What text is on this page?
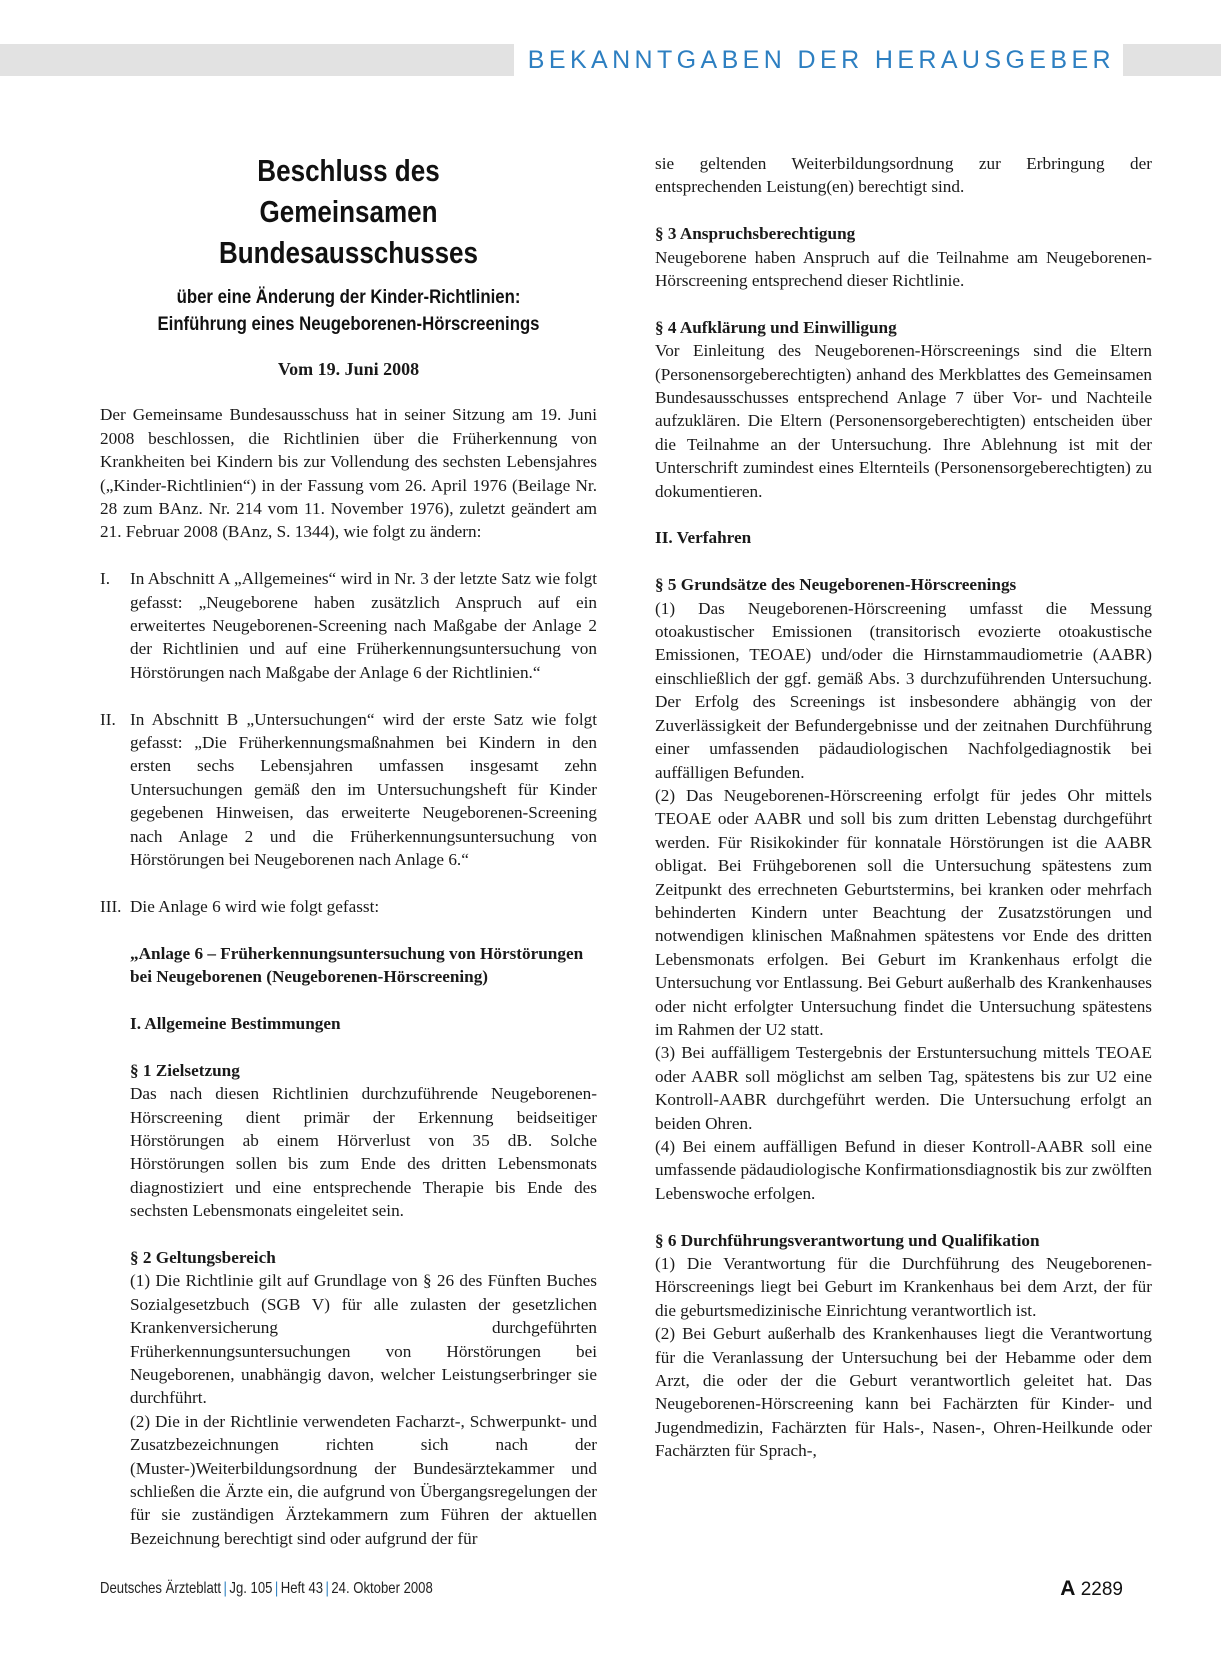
BEKANNTGABEN DER HERAUSGEBER
Beschluss des
Gemeinsamen Bundesausschusses
über eine Änderung der Kinder-Richtlinien:
Einführung eines Neugeborenen-Hörscreenings
Vom 19. Juni 2008

Der Gemeinsame Bundesausschuss hat in seiner Sitzung am 19. Juni 2008 beschlossen, die Richtlinien über die Früherkennung von Krankheiten bei Kindern bis zur Vollendung des sechsten Lebensjahres („Kinder-Richtlinien“) in der Fassung vom 26. April 1976 (Beilage Nr. 28 zum BAnz. Nr. 214 vom 11. November 1976), zuletzt geändert am 21. Februar 2008 (BAnz, S. 1344), wie folgt zu ändern:

I. In Abschnitt A „Allgemeines“ wird in Nr. 3 der letzte Satz wie folgt gefasst: „Neugeborene haben zusätzlich Anspruch auf ein erweitertes Neugeborenen-Screening nach Maßgabe der Anlage 2 der Richtlinien und auf eine Früherkennungsuntersuchung von Hörstörungen nach Maßgabe der Anlage 6 der Richtlinien.“
II. In Abschnitt B „Untersuchungen“ wird der erste Satz wie folgt gefasst: „Die Früherkennungsmaßnahmen bei Kindern in den ersten sechs Lebensjahren umfassen insgesamt zehn Untersuchungen gemäß den im Untersuchungsheft für Kinder gegebenen Hinweisen, das erweiterte Neugeborenen-Screening nach Anlage 2 und die Früherkennungsuntersuchung von Hörstörungen bei Neugeborenen nach Anlage 6.“
III. Die Anlage 6 wird wie folgt gefasst:
„Anlage 6 – Früherkennungsuntersuchung von Hörstörungen bei Neugeborenen (Neugeborenen-Hörscreening)
I. Allgemeine Bestimmungen
§ 1 Zielsetzung

Das nach diesen Richtlinien durchzuführende Neugeborenen-Hörscreening dient primär der Erkennung beidseitiger Hörstörungen ab einem Hörverlust von 35 dB. Solche Hörstörungen sollen bis zum Ende des dritten Lebensmonats diagnostiziert und eine entsprechende Therapie bis Ende des sechsten Lebensmonats eingeleitet sein.

§ 2 Geltungsbereich

(1) Die Richtlinie gilt auf Grundlage von § 26 des Fünften Buches Sozialgesetzbuch (SGB V) für alle zulasten der gesetzlichen Krankenversicherung durchgeführten Früherkennungsuntersuchungen von Hörstörungen bei Neugeborenen, unabhängig davon, welcher Leistungserbringer sie durchführt.

(2) Die in der Richtlinie verwendeten Facharzt-, Schwerpunkt- und Zusatzbezeichnungen richten sich nach der (Muster-)Weiterbildungsordnung der Bundesärztekammer und schließen die Ärzte ein, die aufgrund von Übergangsregelungen der für sie zuständigen Ärztekammern zum Führen der aktuellen Bezeichnung berechtigt sind oder aufgrund der für

sie geltenden Weiterbildungsordnung zur Erbringung der entsprechenden Leistung(en) berechtigt sind.

§ 3 Anspruchsberechtigung

Neugeborene haben Anspruch auf die Teilnahme am Neugeborenen-Hörscreening entsprechend dieser Richtlinie.

§ 4 Aufklärung und Einwilligung

Vor Einleitung des Neugeborenen-Hörscreenings sind die Eltern (Personensorgeberechtigten) anhand des Merkblattes des Gemeinsamen Bundesausschusses entsprechend Anlage 7 über Vor- und Nachteile aufzuklären. Die Eltern (Personensorgeberechtigten) entscheiden über die Teilnahme an der Untersuchung. Ihre Ablehnung ist mit der Unterschrift zumindest eines Elternteils (Personensorgeberechtigten) zu dokumentieren.

II. Verfahren
§ 5 Grundsätze des Neugeborenen-Hörscreenings

(1) Das Neugeborenen-Hörscreening umfasst die Messung otoakustischer Emissionen (transitorisch evozierte otoakustische Emissionen, TEOAE) und/oder die Hirnstammaudiometrie (AABR) einschließlich der ggf. gemäß Abs. 3 durchzuführenden Untersuchung. Der Erfolg des Screenings ist insbesondere abhängig von der Zuverlässigkeit der Befundergebnisse und der zeitnahen Durchführung einer umfassenden pädaudiologischen Nachfolgediagnostik bei auffälligen Befunden.

(2) Das Neugeborenen-Hörscreening erfolgt für jedes Ohr mittels TEOAE oder AABR und soll bis zum dritten Lebenstag durchgeführt werden. Für Risikokinder für konnatale Hörstörungen ist die AABR obligat. Bei Frühgeborenen soll die Untersuchung spätestens zum Zeitpunkt des errechneten Geburtstermins, bei kranken oder mehrfach behinderten Kindern unter Beachtung der Zusatzstörungen und notwendigen klinischen Maßnahmen spätestens vor Ende des dritten Lebensmonats erfolgen. Bei Geburt im Krankenhaus erfolgt die Untersuchung vor Entlassung. Bei Geburt außerhalb des Krankenhauses oder nicht erfolgter Untersuchung findet die Untersuchung spätestens im Rahmen der U2 statt.

(3) Bei auffälligem Testergebnis der Erstuntersuchung mittels TEOAE oder AABR soll möglichst am selben Tag, spätestens bis zur U2 eine Kontroll-AABR durchgeführt werden. Die Untersuchung erfolgt an beiden Ohren.

(4) Bei einem auffälligen Befund in dieser Kontroll-AABR soll eine umfassende pädaudiologische Konfirmationsdiagnostik bis zur zwölften Lebenswoche erfolgen.

§ 6 Durchführungsverantwortung und Qualifikation

(1) Die Verantwortung für die Durchführung des Neugeborenen-Hörscreenings liegt bei Geburt im Krankenhaus bei dem Arzt, der für die geburtsmedizinische Einrichtung verantwortlich ist.

(2) Bei Geburt außerhalb des Krankenhauses liegt die Verantwortung für die Veranlassung der Untersuchung bei der Hebamme oder dem Arzt, die oder der die Geburt verantwortlich geleitet hat. Das Neugeborenen-Hörscreening kann bei Fachärzten für Kinder- und Jugendmedizin, Fachärzten für Hals-, Nasen-, Ohren-Heilkunde oder Fachärzten für Sprach-,

Deutsches Ärzteblatt | Jg. 105 | Heft 43 | 24. Oktober 2008	A 2289
